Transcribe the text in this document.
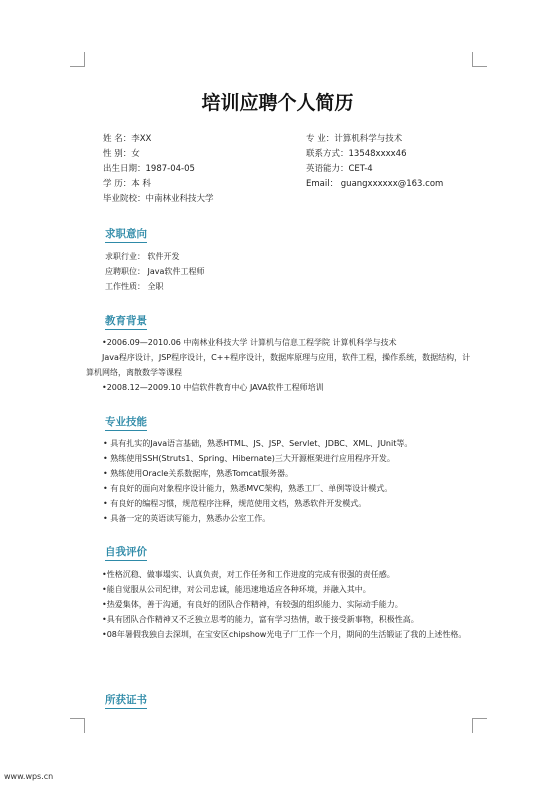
培训应聘个人简历
姓 名：李XX
性 别：女
出生日期：1987-04-05
学 历：本 科
毕业院校：中南林业科技大学
专 业：计算机科学与技术
联系方式：13548xxxx46
英语能力：CET-4
Email： guangxxxxxx@163.com
求职意向
求职行业： 软件开发
应聘职位： Java软件工程师
工作性质： 全职
教育背景
•2006.09—2010.06 中南林业科技大学 计算机与信息工程学院 计算机科学与技术
Java程序设计，JSP程序设计，C++程序设计，数据库原理与应用，软件工程，操作系统，数据结构，计算机网络，离散数学等课程
•2008.12—2009.10 中信软件教育中心 JAVA软件工程师培训
专业技能
• 具有扎实的Java语言基础，熟悉HTML、JS、JSP、Servlet、JDBC、XML、JUnit等。
• 熟练使用SSH(Struts1、Spring、Hibernate)三大开源框架进行应用程序开发。
• 熟练使用Oracle关系数据库，熟悉Tomcat服务器。
• 有良好的面向对象程序设计能力，熟悉MVC架构，熟悉工厂、单例等设计模式。
• 有良好的编程习惯，规范程序注释，规范使用文档，熟悉软件开发模式。
• 具备一定的英语读写能力，熟悉办公室工作。
自我评价
•性格沉稳、做事塌实、认真负责，对工作任务和工作进度的完成有很强的责任感。
•能自觉服从公司纪律，对公司忠诚，能迅速地适应各种环境，并融入其中。
•热爱集体，善于沟通，有良好的团队合作精神，有较强的组织能力、实际动手能力。
•具有团队合作精神又不乏独立思考的能力，富有学习热情，敢于接受新事物，积极性高。
•08年暑假我独自去深圳，在宝安区chipshow光电子厂工作一个月，期间的生活锻证了我的上述性格。
所获证书
www.wps.cn
